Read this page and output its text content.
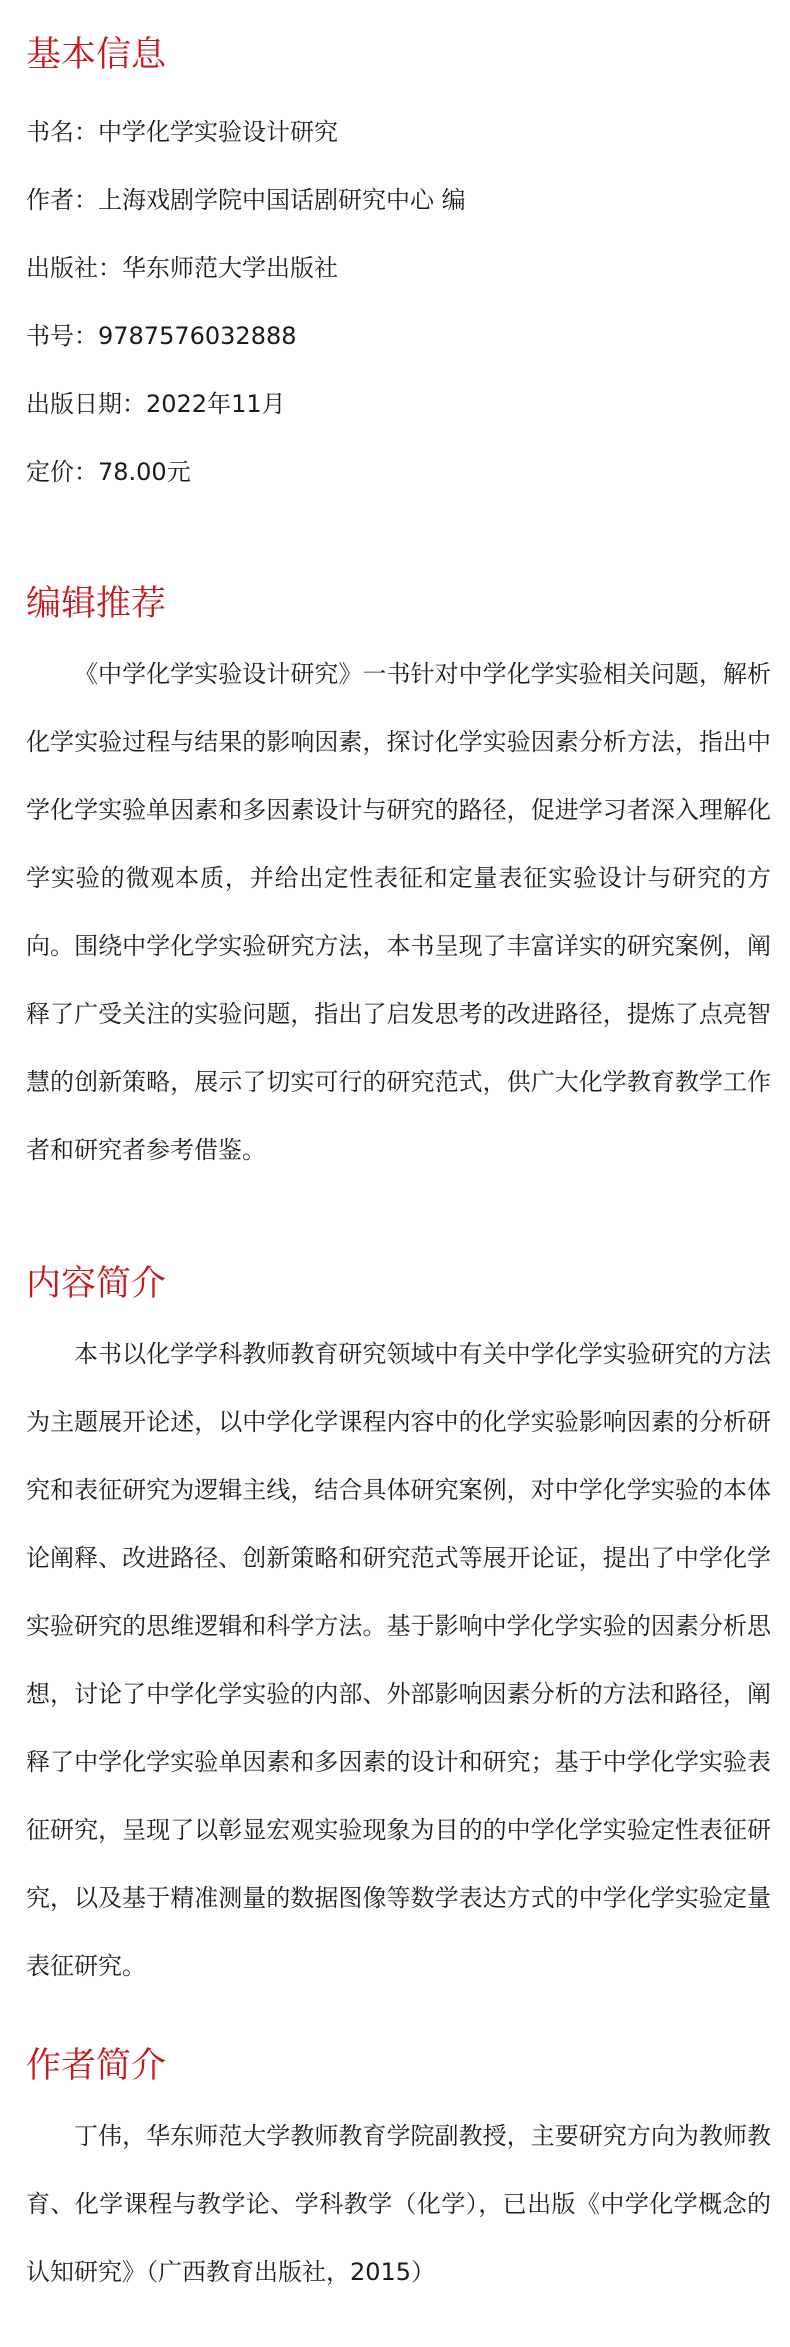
基本信息

书名：中学化学实验设计研究

作者：上海戏剧学院中国话剧研究中心 编

出版社：华东师范大学出版社

书号：9787576032888

出版日期：2022年11月

定价：78.00元

编辑推荐

《中学化学实验设计研究》一书针对中学化学实验相关问题，解析化学实验过程与结果的影响因素，探讨化学实验因素分析方法，指出中学化学实验单因素和多因素设计与研究的路径，促进学习者深入理解化学实验的微观本质，并给出定性表征和定量表征实验设计与研究的方向。围绕中学化学实验研究方法，本书呈现了丰富详实的研究案例，阐释了广受关注的实验问题，指出了启发思考的改进路径，提炼了点亮智慧的创新策略，展示了切实可行的研究范式，供广大化学教育教学工作者和研究者参考借鉴。

内容简介

本书以化学学科教师教育研究领域中有关中学化学实验研究的方法为主题展开论述，以中学化学课程内容中的化学实验影响因素的分析研究和表征研究为逻辑主线，结合具体研究案例，对中学化学实验的本体论阐释、改进路径、创新策略和研究范式等展开论证，提出了中学化学实验研究的思维逻辑和科学方法。基于影响中学化学实验的因素分析思想，讨论了中学化学实验的内部、外部影响因素分析的方法和路径，阐释了中学化学实验单因素和多因素的设计和研究；基于中学化学实验表征研究，呈现了以彰显宏观实验现象为目的的中学化学实验定性表征研究，以及基于精准测量的数据图像等数学表达方式的中学化学实验定量表征研究。

作者简介

丁伟，华东师范大学教师教育学院副教授，主要研究方向为教师教育、化学课程与教学论、学科教学（化学），已出版《中学化学概念的认知研究》（广西教育出版社，2015）
